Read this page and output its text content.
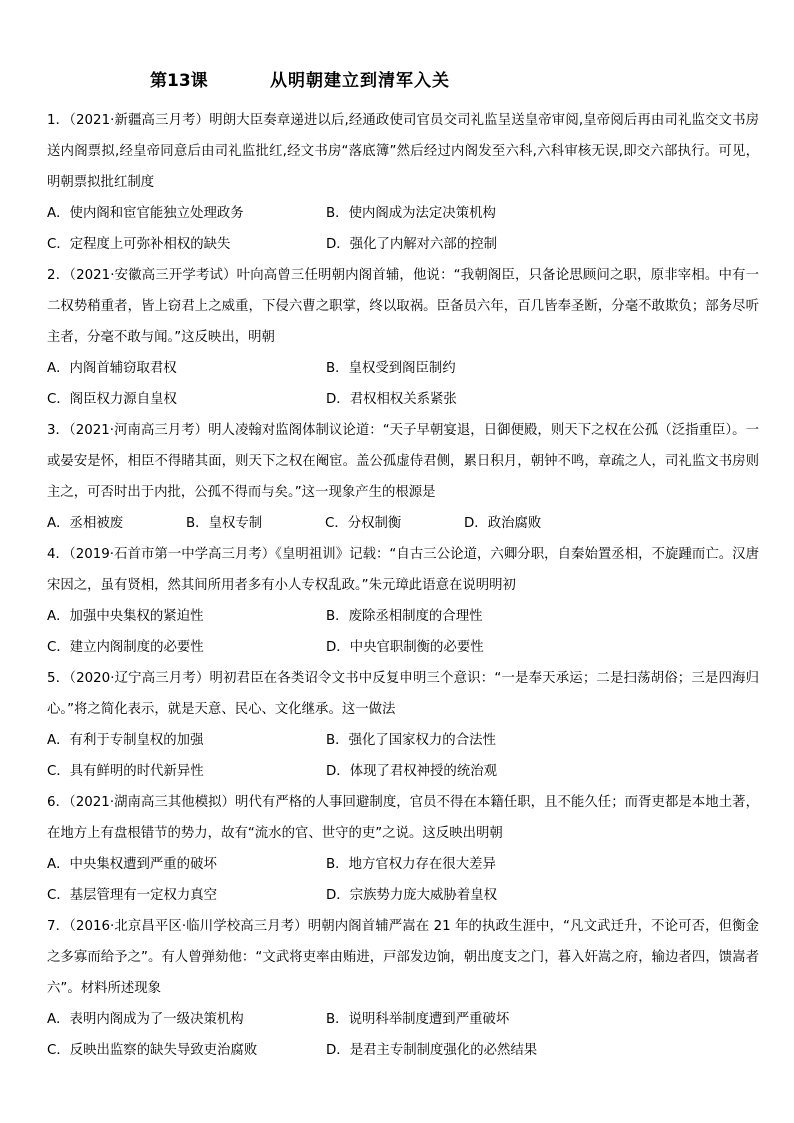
第13课	从明朝建立到清军入关
1．（2021·新疆高三月考）明朗大臣奏章递进以后,经通政使司官员交司礼监呈送皇帝审阅,皇帝阅后再由司礼监交文书房送内阁票拟,经皇帝同意后由司礼监批红,经文书房“落底簿”然后经过内阁发至六科,六科审核无误,即交六部执行。可见，明朝票拟批红制度
A．使内阁和宦官能独立处理政务	B．使内阁成为法定决策机构
C．定程度上可弥补相权的缺失	D．强化了内解对六部的控制
2．（2021·安徽高三开学考试）叶向高曾三任明朝内阁首辅，他说：“我朝阁臣，只备论思顾问之职，原非宰相。中有一二权势稍重者，皆上窃君上之威重，下侵六曹之职掌，终以取祸。臣备员六年，百几皆奉圣断，分毫不敢欺负；部务尽听主者，分毫不敢与闻。”这反映出，明朝
A．内阁首辅窃取君权	B．皇权受到阁臣制约
C．阁臣权力源自皇权	D．君权相权关系紧张
3．（2021·河南高三月考）明人凌翰对监阁体制议论道：“天子早朝宴退，日御便殿，则天下之权在公孤（泛指重臣）。一或晏安是怀，相臣不得睹其面，则天下之权在阉宦。盖公孤虚侍君侧，累日积月，朝钟不鸣，章疏之人，司礼监文书房则主之，可否时出于内批，公孤不得而与矣。”这一现象产生的根源是
A．丞相被废	B．皇权专制	C．分权制衡	D．政治腐败
4．（2019·石首市第一中学高三月考）《皇明祖训》记载：“自古三公论道，六卿分职，自秦始置丞相，不旋踵而亡。汉唐宋因之，虽有贤相，然其间所用者多有小人专权乱政。”朱元璋此语意在说明明初
A．加强中央集权的紧迫性	B．废除丞相制度的合理性
C．建立内阁制度的必要性	D．中央官职制衡的必要性
5．（2020·辽宁高三月考）明初君臣在各类诏令文书中反复申明三个意识：“一是奉天承运；二是扫荡胡俗；三是四海归心。”将之简化表示，就是天意、民心、文化继承。这一做法
A．有利于专制皇权的加强	B．强化了国家权力的合法性
C．具有鲜明的时代新异性	D．体现了君权神授的统治观
6．（2021·湖南高三其他模拟）明代有严格的人事回避制度，官员不得在本籍任职，且不能久任；而胥吏都是本地土著，在地方上有盘根错节的势力，故有“流水的官、世守的吏”之说。这反映出明朝
A．中央集权遭到严重的破坏	B．地方官权力存在很大差异
C．基层管理有一定权力真空	D．宗族势力庞大威胁着皇权
7．（2016·北京昌平区·临川学校高三月考）明朝内阁首辅严嵩在 21 年的执政生涯中，“凡文武迁升，不论可否，但衡金之多寡而给予之”。有人曾弹劾他：“文武将吏率由贿进，戸部发边饷，朝出度支之门，暮入奸嵩之府，输边者四，馈嵩者六”。材料所述现象
A．表明内阁成为了一级决策机构	B．说明科举制度遭到严重破坏
C．反映出监察的缺失导致吏治腐败	D．是君主专制制度强化的必然结果
